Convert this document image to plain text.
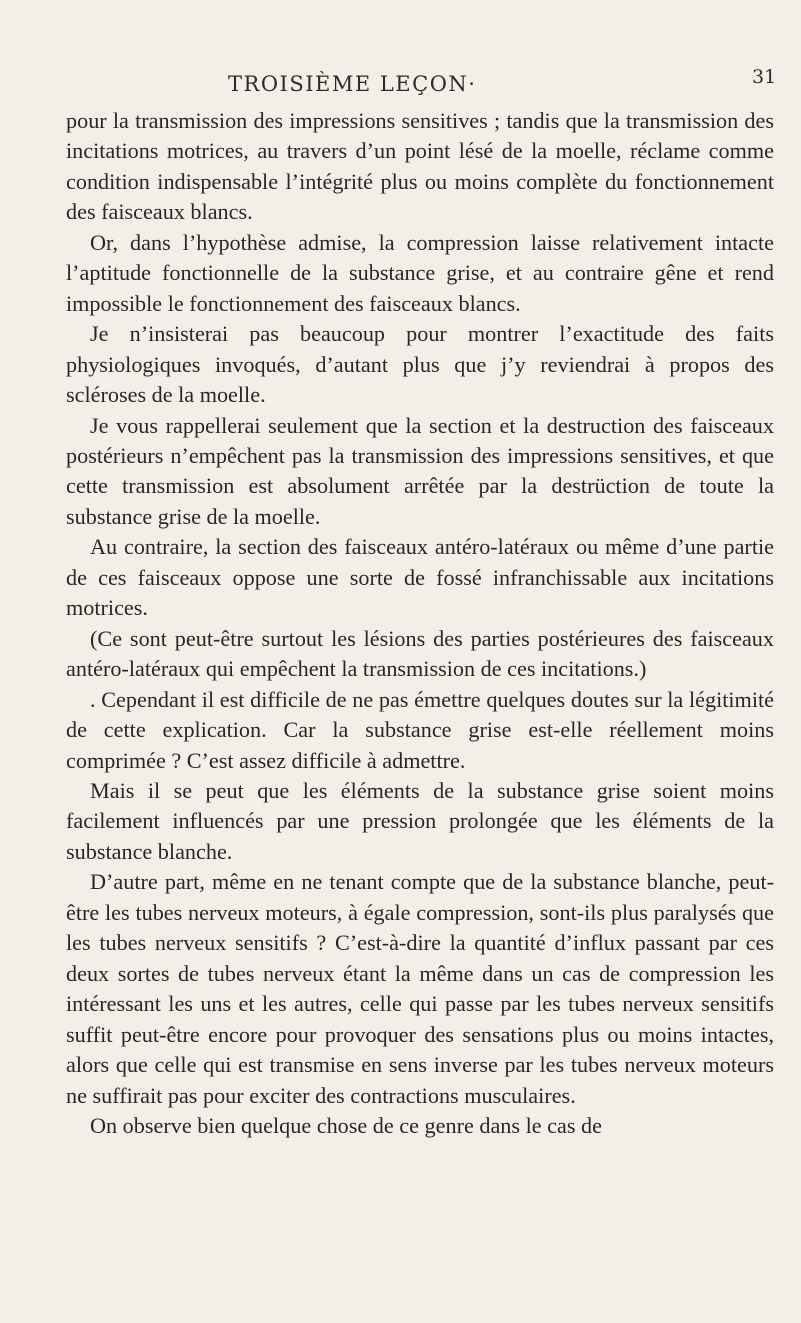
TROISIÈME LEÇON·	31

pour la transmission des impressions sensitives ; tandis que la transmission des incitations motrices, au travers d’un point lésé de la moelle, réclame comme condition indispensable l’intégrité plus ou moins complète du fonctionnement des faisceaux blancs.

Or, dans l’hypothèse admise, la compression laisse relativement intacte l’aptitude fonctionnelle de la substance grise, et au contraire gêne et rend impossible le fonctionnement des faisceaux blancs.

Je n’insisterai pas beaucoup pour montrer l’exactitude des faits physiologiques invoqués, d’autant plus que j’y reviendrai à propos des scléroses de la moelle.

Je vous rappellerai seulement que la section et la destruction des faisceaux postérieurs n’empêchent pas la transmission des impressions sensitives, et que cette transmission est absolument arrêtée par la destrüction de toute la substance grise de la moelle.

Au contraire, la section des faisceaux antéro-latéraux ou même d’une partie de ces faisceaux oppose une sorte de fossé infranchissable aux incitations motrices.

(Ce sont peut-être surtout les lésions des parties postérieures des faisceaux antéro-latéraux qui empêchent la transmission de ces incitations.)

. Cependant il est difficile de ne pas émettre quelques doutes sur la légitimité de cette explication. Car la substance grise est-elle réellement moins comprimée ? C’est assez difficile à admettre.

Mais il se peut que les éléments de la substance grise soient moins facilement influencés par une pression prolongée que les éléments de la substance blanche.

D’autre part, même en ne tenant compte que de la substance blanche, peut-être les tubes nerveux moteurs, à égale compression, sont-ils plus paralysés que les tubes nerveux sensitifs ? C’est-à-dire la quantité d’influx passant par ces deux sortes de tubes nerveux étant la même dans un cas de compression les intéressant les uns et les autres, celle qui passe par les tubes nerveux sensitifs suffit peut-être encore pour provoquer des sensations plus ou moins intactes, alors que celle qui est transmise en sens inverse par les tubes nerveux moteurs ne suffirait pas pour exciter des contractions musculaires.

On observe bien quelque chose de ce genre dans le cas de
